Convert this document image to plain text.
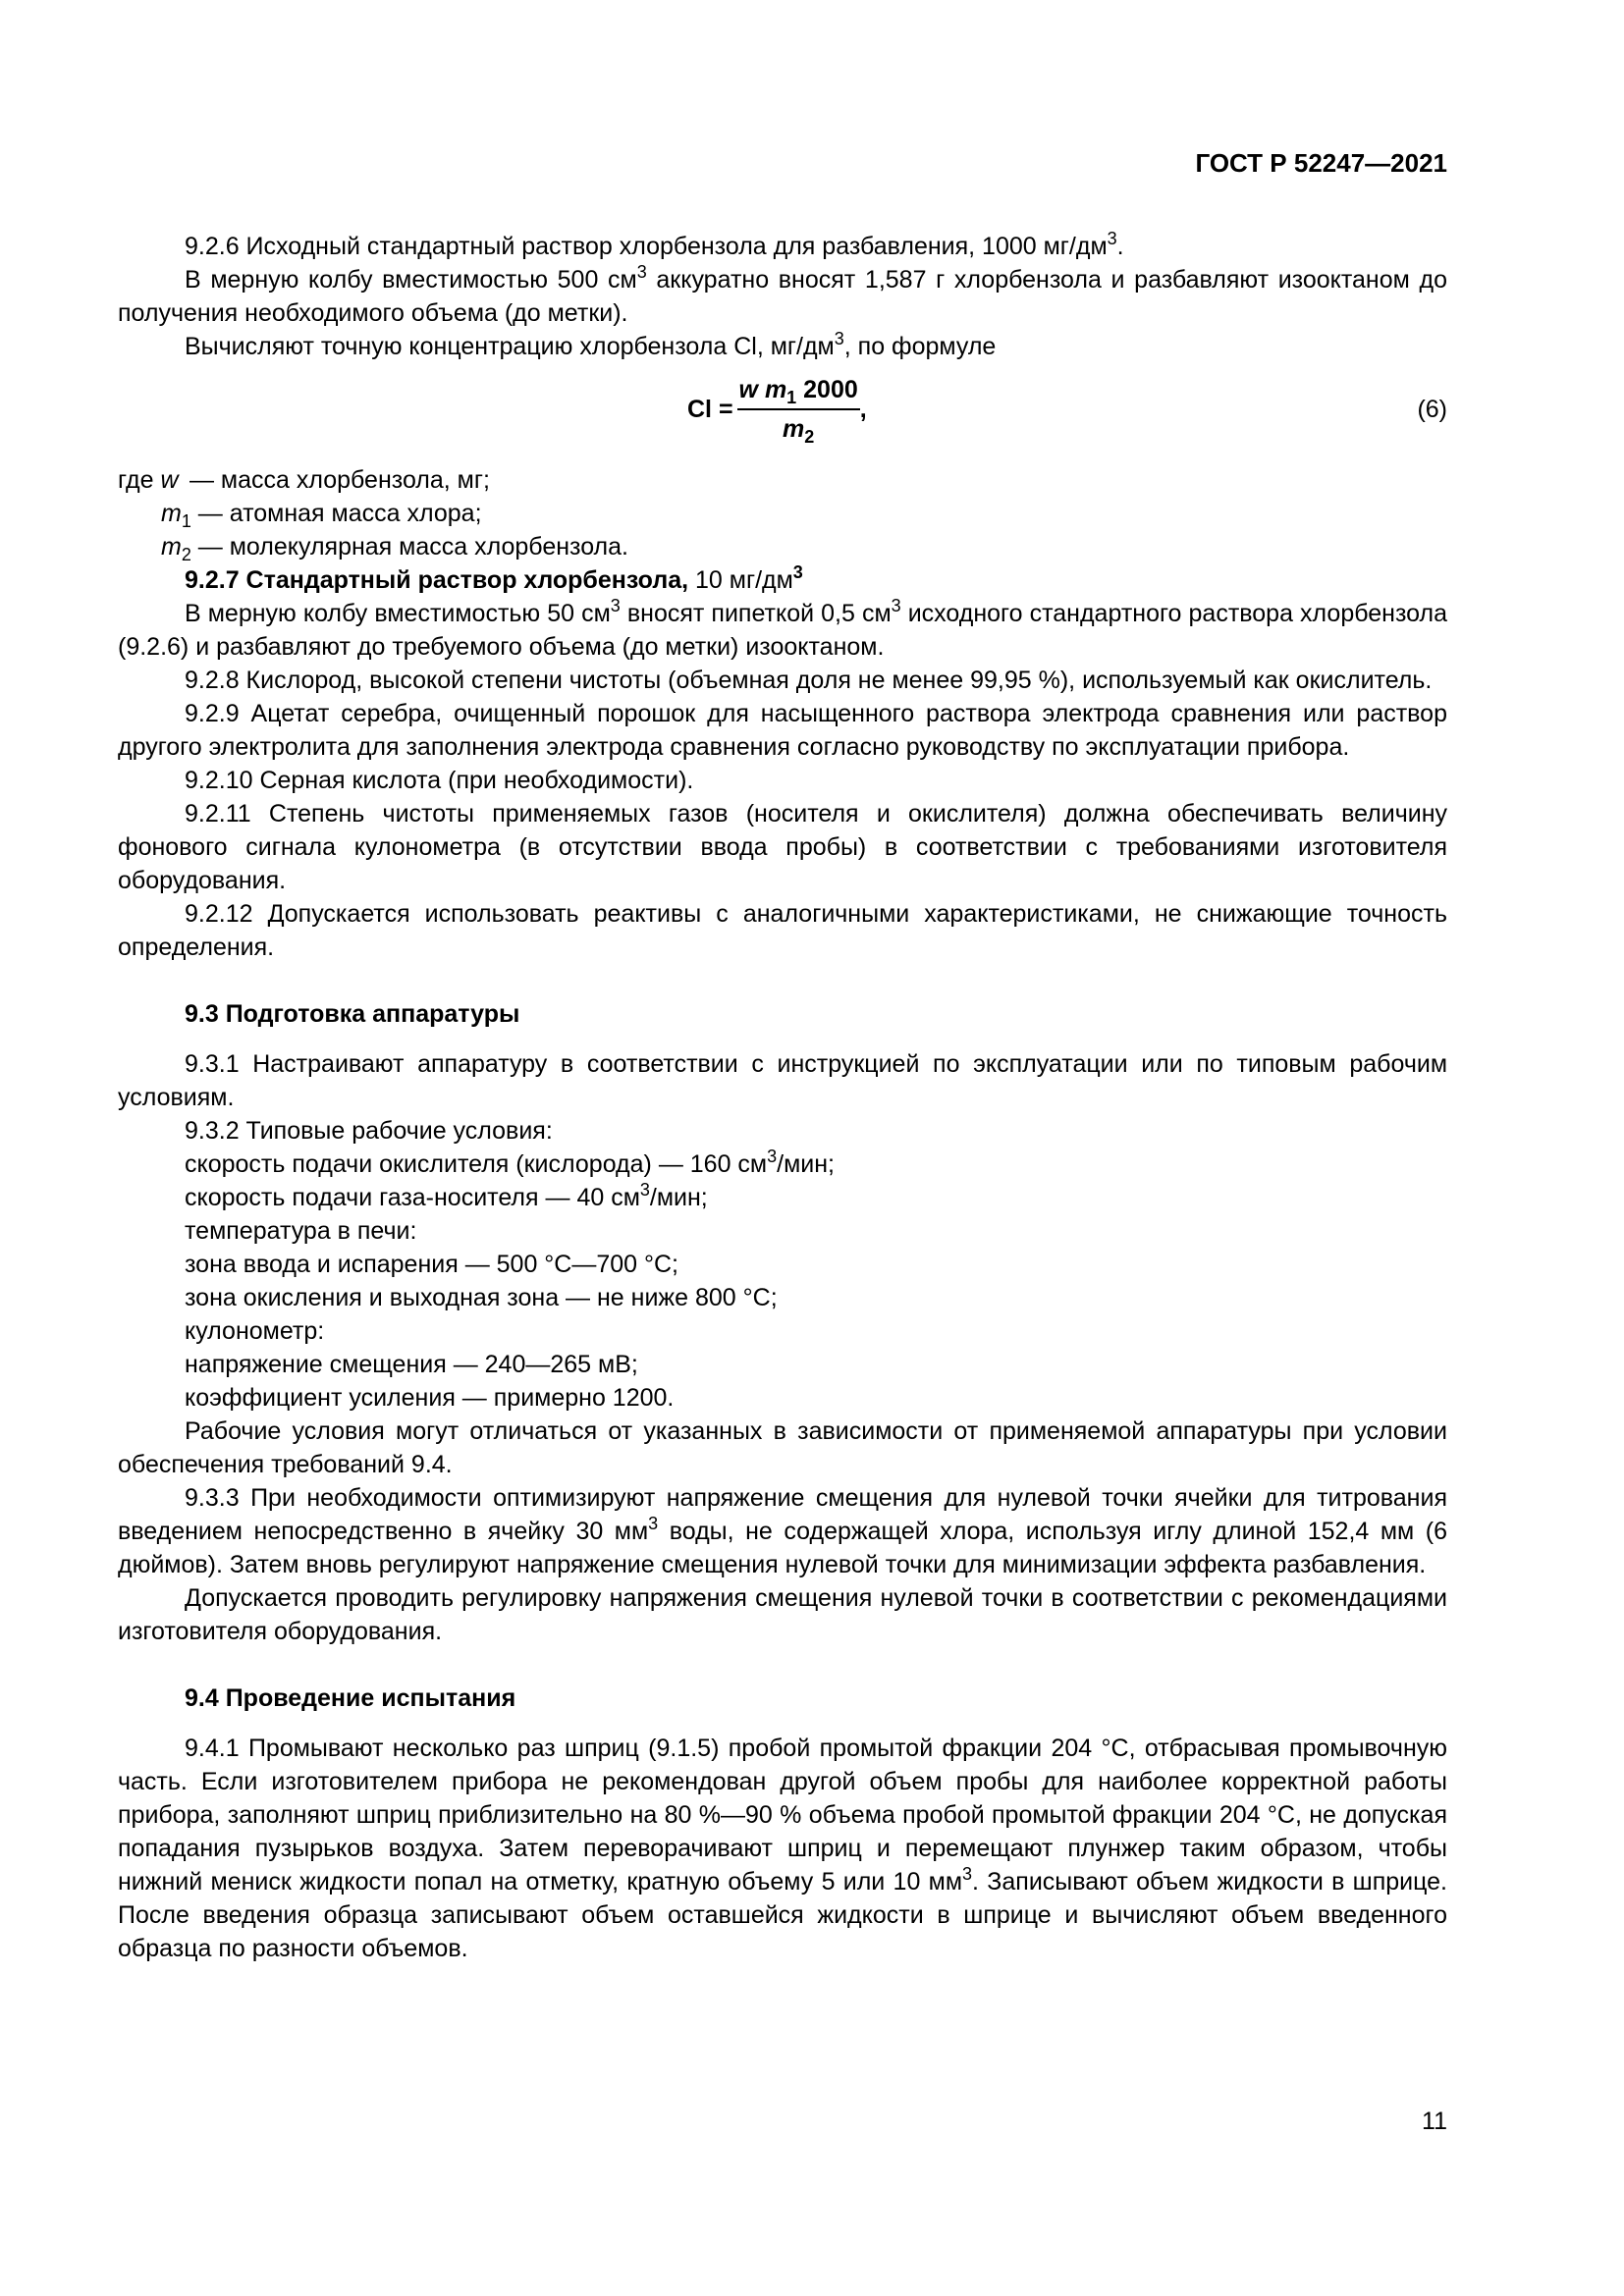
ГОСТ Р 52247—2021

9.2.6 Исходный стандартный раствор хлорбензола для разбавления, 1000 $мг/дм^3$.

В мерную колбу вместимостью 500 $см^3$ аккуратно вносят 1,587 г хлорбензола и разбавляют изооктаном до получения необходимого объема (до метки).

Вычисляют точную концентрацию хлорбензола Cl, $мг/дм^3$, по формуле

$Cl = \frac{w m_1 2000}{m_2}$ ,	(6)

где w — масса хлорбензола, мг;

$m_1$ — атомная масса хлора;

$m_2$ — молекулярная масса хлорбензола.

9.2.7 Стандартный раствор хлорбензола, 10 $мг/дм^3$

В мерную колбу вместимостью 50 $см^3$ вносят пипеткой 0,5 $см^3$ исходного стандартного раствора хлорбензола (9.2.6) и разбавляют до требуемого объема (до метки) изооктаном.

9.2.8 Кислород, высокой степени чистоты (объемная доля не менее 99,95 %), используемый как окислитель.

9.2.9 Ацетат серебра, очищенный порошок для насыщенного раствора электрода сравнения или раствор другого электролита для заполнения электрода сравнения согласно руководству по эксплуатации прибора.

9.2.10 Серная кислота (при необходимости).

9.2.11 Степень чистоты применяемых газов (носителя и окислителя) должна обеспечивать величину фонового сигнала кулонометра (в отсутствии ввода пробы) в соответствии с требованиями изготовителя оборудования.

9.2.12 Допускается использовать реактивы с аналогичными характеристиками, не снижающие точность определения.

9.3 Подготовка аппаратуры

9.3.1 Настраивают аппаратуру в соответствии с инструкцией по эксплуатации или по типовым рабочим условиям.

9.3.2 Типовые рабочие условия:

скорость подачи окислителя (кислорода) — 160 $см^3$/мин;

скорость подачи газа-носителя — 40 $см^3$/мин;

температура в печи:

зона ввода и испарения — 500 °С—700 °С;

зона окисления и выходная зона — не ниже 800 °С;

кулонометр:

напряжение смещения — 240—265 мВ;

коэффициент усиления — примерно 1200.

Рабочие условия могут отличаться от указанных в зависимости от применяемой аппаратуры при условии обеспечения требований 9.4.

9.3.3 При необходимости оптимизируют напряжение смещения для нулевой точки ячейки для титрования введением непосредственно в ячейку 30 $мм^3$ воды, не содержащей хлора, используя иглу длиной 152,4 мм (6 дюймов). Затем вновь регулируют напряжение смещения нулевой точки для минимизации эффекта разбавления.

Допускается проводить регулировку напряжения смещения нулевой точки в соответствии с рекомендациями изготовителя оборудования.

9.4 Проведение испытания

9.4.1 Промывают несколько раз шприц (9.1.5) пробой промытой фракции 204 °С, отбрасывая промывочную часть. Если изготовителем прибора не рекомендован другой объем пробы для наиболее корректной работы прибора, заполняют шприц приблизительно на 80 %—90 % объема пробой промытой фракции 204 °С, не допуская попадания пузырьков воздуха. Затем переворачивают шприц и перемещают плунжер таким образом, чтобы нижний мениск жидкости попал на отметку, кратную объему 5 или 10 $мм^3$. Записывают объем жидкости в шприце. После введения образца записывают объем оставшейся жидкости в шприце и вычисляют объем введенного образца по разности объемов.

11
